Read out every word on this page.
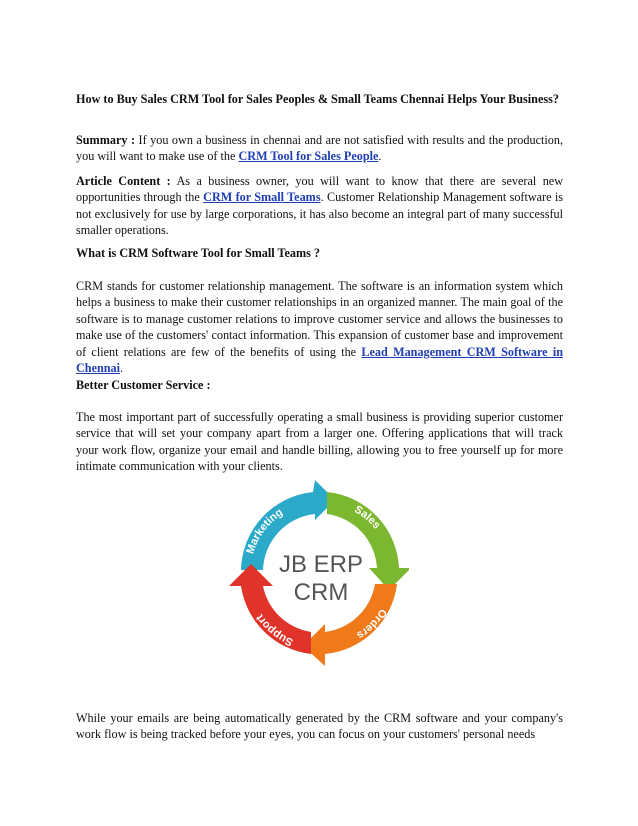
How to Buy Sales CRM Tool for Sales Peoples & Small Teams Chennai Helps Your Business?

Summary : If you own a business in chennai and are not satisfied with results and the production, you will want to make use of the CRM Tool for Sales People.

Article Content : As a business owner, you will want to know that there are several new opportunities through the CRM for Small Teams. Customer Relationship Management software is not exclusively for use by large corporations, it has also become an integral part of many successful smaller operations.

What is CRM Software Tool for Small Teams ?

CRM stands for customer relationship management. The software is an information system which helps a business to make their customer relationships in an organized manner. The main goal of the software is to manage customer relations to improve customer service and allows the businesses to make use of the customers' contact information. This expansion of customer base and improvement of client relations are few of the benefits of using the Lead Management CRM Software in Chennai.

Better Customer Service :

The most important part of successfully operating a small business is providing superior customer service that will set your company apart from a larger one. Offering applications that will track your work flow, organize your email and handle billing, allowing you to free yourself up for more intimate communication with your clients.

While your emails are being automatically generated by the CRM software and your company's work flow is being tracked before your eyes, you can focus on your customers' personal needs

Marketing	Sales
Orders
Support
JB ERP
CRM
